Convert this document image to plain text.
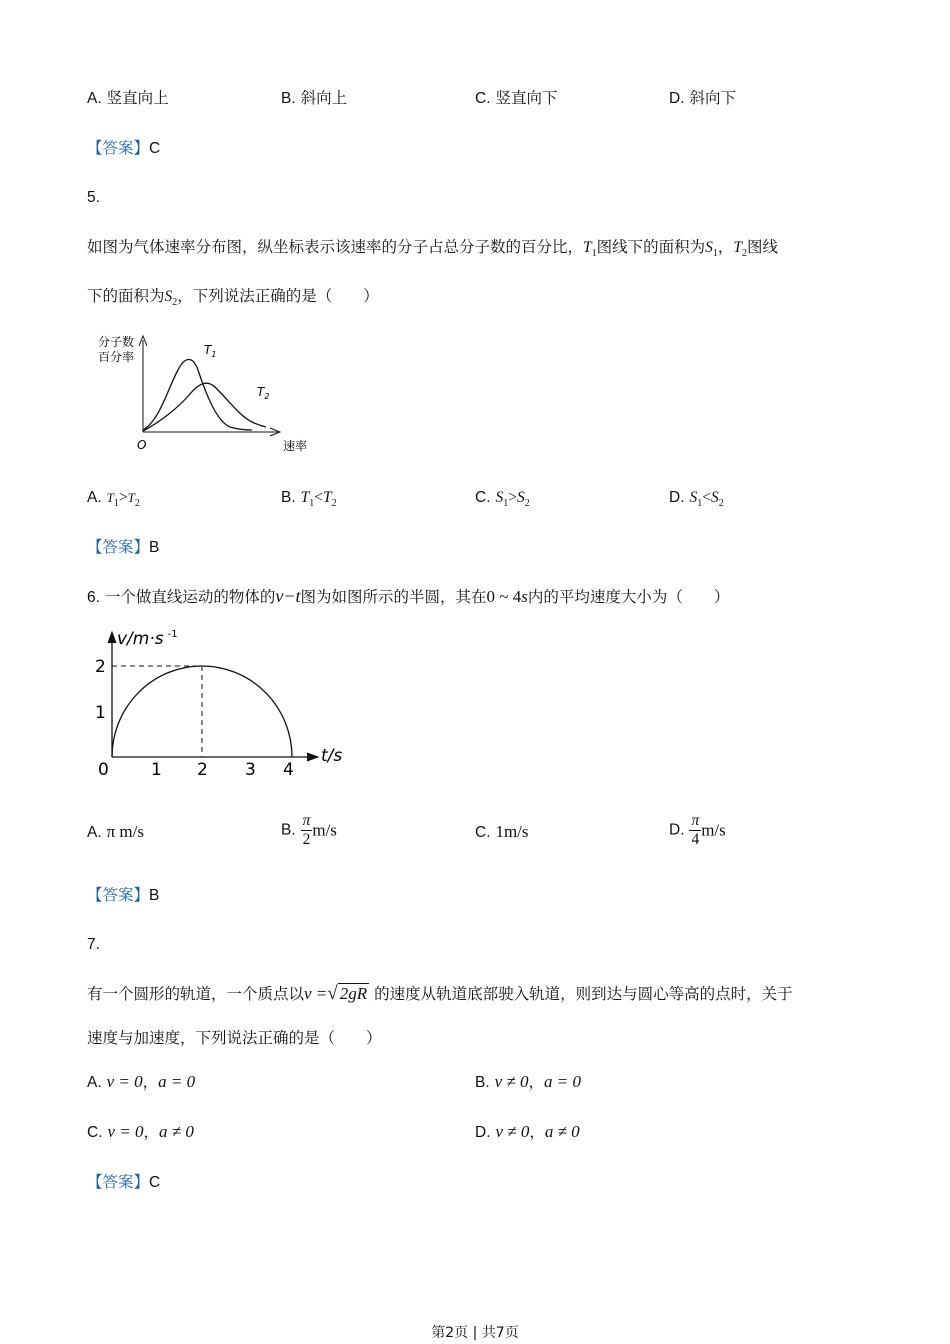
A. 竖直向上	B. 斜向上	C. 竖直向下	D. 斜向下
【答案】C
5.
如图为气体速率分布图，纵坐标表示该速率的分子占总分子数的百分比，$T_1$图线下的面积为$S_1$，$T_2$图线
下的面积为$S_2$，下列说法正确的是（　　）
分子数
百分率	$T_1$
$T_2$
O	速率
A. $T_1>T_2$	B. $T_1<T_2$	C. $S_1>S_2$	D. $S_1<S_2$
【答案】B
6. 一个做直线运动的物体的v−t图为如图所示的半圆，其在0 ~ 4s内的平均速度大小为（　　）
v/m·s $^{-1}$
2
1
0 1 2 3 4
t/s
A. π m/s	B. $\frac{\pi}{2} m/s$	C. 1m/s	D. $\frac{\pi}{4} m/s$
【答案】B
7.
有一个圆形的轨道，一个质点以v =√ 2gR 的速度从轨道底部驶入轨道，则到达与圆心等高的点时，关于
速度与加速度，下列说法正确的是（　　）
A. v = 0，a = 0	B. v ≠ 0，a = 0
C. v = 0，a ≠ 0	D. v ≠ 0，a ≠ 0
【答案】C
第2页 | 共7页
